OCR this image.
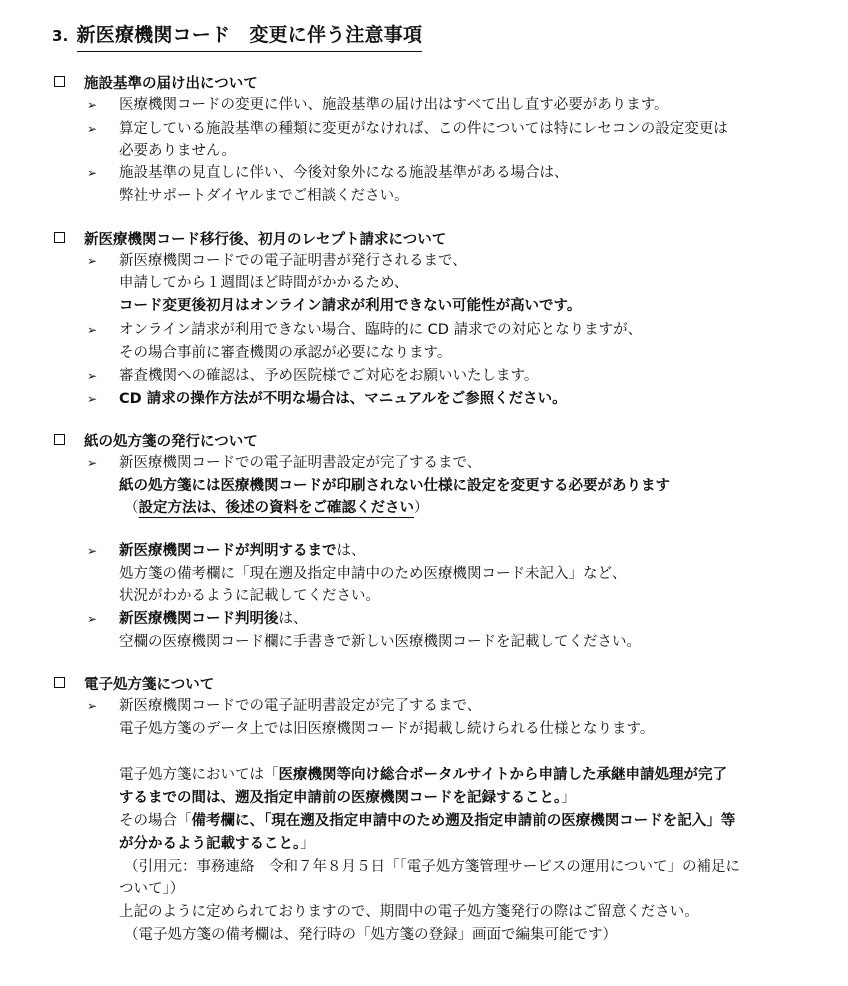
3. 新医療機関コード　変更に伴う注意事項
施設基準の届け出について
➢ 医療機関コードの変更に伴い、施設基準の届け出はすべて出し直す必要があります。
➢ 算定している施設基準の種類に変更がなければ、この件については特にレセコンの設定変更は
必要ありません。
➢ 施設基準の見直しに伴い、今後対象外になる施設基準がある場合は、
弊社サポートダイヤルまでご相談ください。
新医療機関コード移行後、初月のレセプト請求について
➢ 新医療機関コードでの電子証明書が発行されるまで、
申請してから１週間ほど時間がかかるため、
コード変更後初月はオンライン請求が利用できない可能性が高いです。
➢ オンライン請求が利用できない場合、臨時的に CD 請求での対応となりますが、
その場合事前に審査機関の承認が必要になります。
➢ 審査機関への確認は、予め医院様でご対応をお願いいたします。
➢ CD 請求の操作方法が不明な場合は、マニュアルをご参照ください。
紙の処方箋の発行について
➢ 新医療機関コードでの電子証明書設定が完了するまで、
紙の処方箋には医療機関コードが印刷されない仕様に設定を変更する必要があります
（設定方法は、後述の資料をご確認ください）
➢ 新医療機関コードが判明するまでは、
処方箋の備考欄に「現在遡及指定申請中のため医療機関コード未記入」など、
状況がわかるように記載してください。
➢ 新医療機関コード判明後は、
空欄の医療機関コード欄に手書きで新しい医療機関コードを記載してください。
電子処方箋について
➢ 新医療機関コードでの電子証明書設定が完了するまで、
電子処方箋のデータ上では旧医療機関コードが掲載し続けられる仕様となります。
電子処方箋においては「医療機関等向け総合ポータルサイトから申請した承継申請処理が完了
するまでの間は、遡及指定申請前の医療機関コードを記録すること。」
その場合「備考欄に、「現在遡及指定申請中のため遡及指定申請前の医療機関コードを記入」等
が分かるよう記載すること。」
（引用元：事務連絡　令和７年８月５日「「電子処方箋管理サービスの運用について」の補足に
ついて」）
上記のように定められておりますので、期間中の電子処方箋発行の際はご留意ください。
（電子処方箋の備考欄は、発行時の「処方箋の登録」画面で編集可能です）
